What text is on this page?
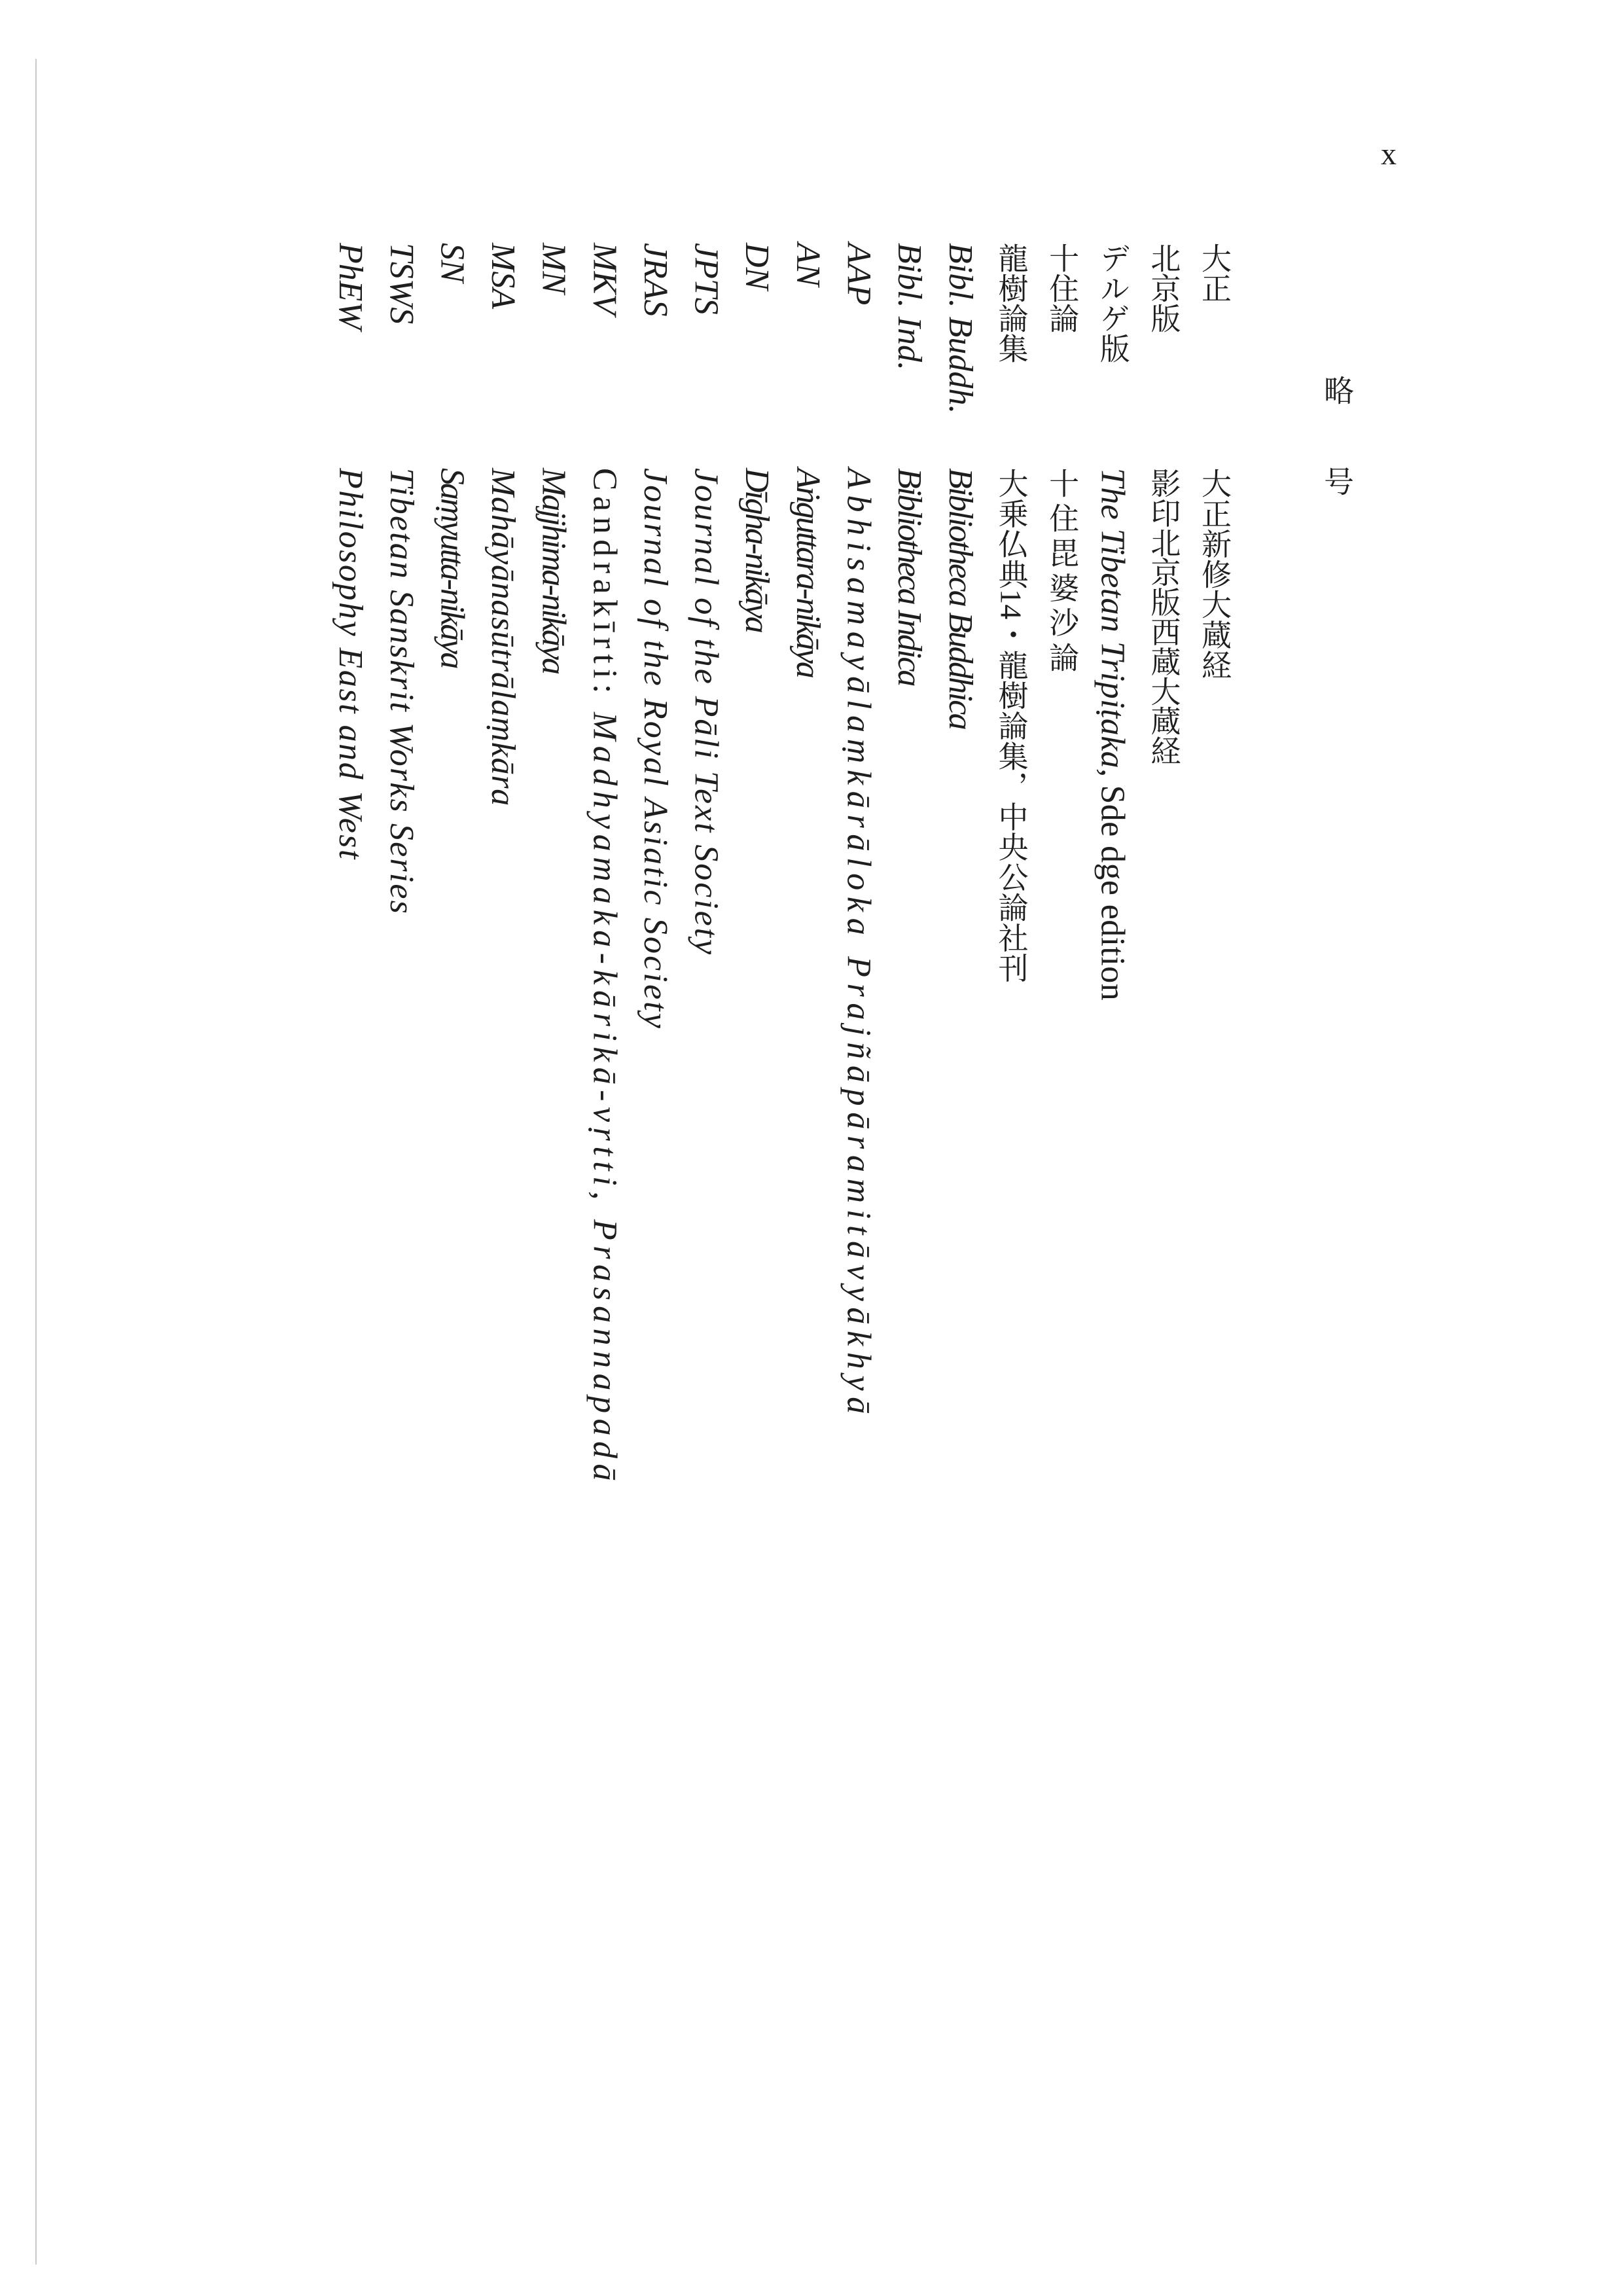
x
略号
大正
大正新修大蔵経
北京版
影印北京版西蔵大蔵経
デルゲ版
The Tibetan Tripiṭaka, Sde dge edition
十住論
十住毘婆沙論
龍樹論集
大乗仏典14・龍樹論集，中央公論社刊
Bibl. Buddh.
Bibliotheca Buddhica
Bibl. Ind.
Bibliotheca Indica
AAP
Abhisamayālaṃkārāloka Prajñāpāramitāvyākhyā
AN
Aṅguttara-nikāya
DN
Dīgha-nikāya
JPTS
Journal of the Pāli Text Society
JRAS
Journal of the Royal Asiatic Society
MKV
Candrakīrti: Madhyamaka-kārikā-vṛtti, Prasannapadā
MN
Majjhima-nikāya
MSA
Mahāyānasūtrālaṃkāra
SN
Saṃyutta-nikāya
TSWS
Tibetan Sanskrit Works Series
PhEW
Philosophy East and West
